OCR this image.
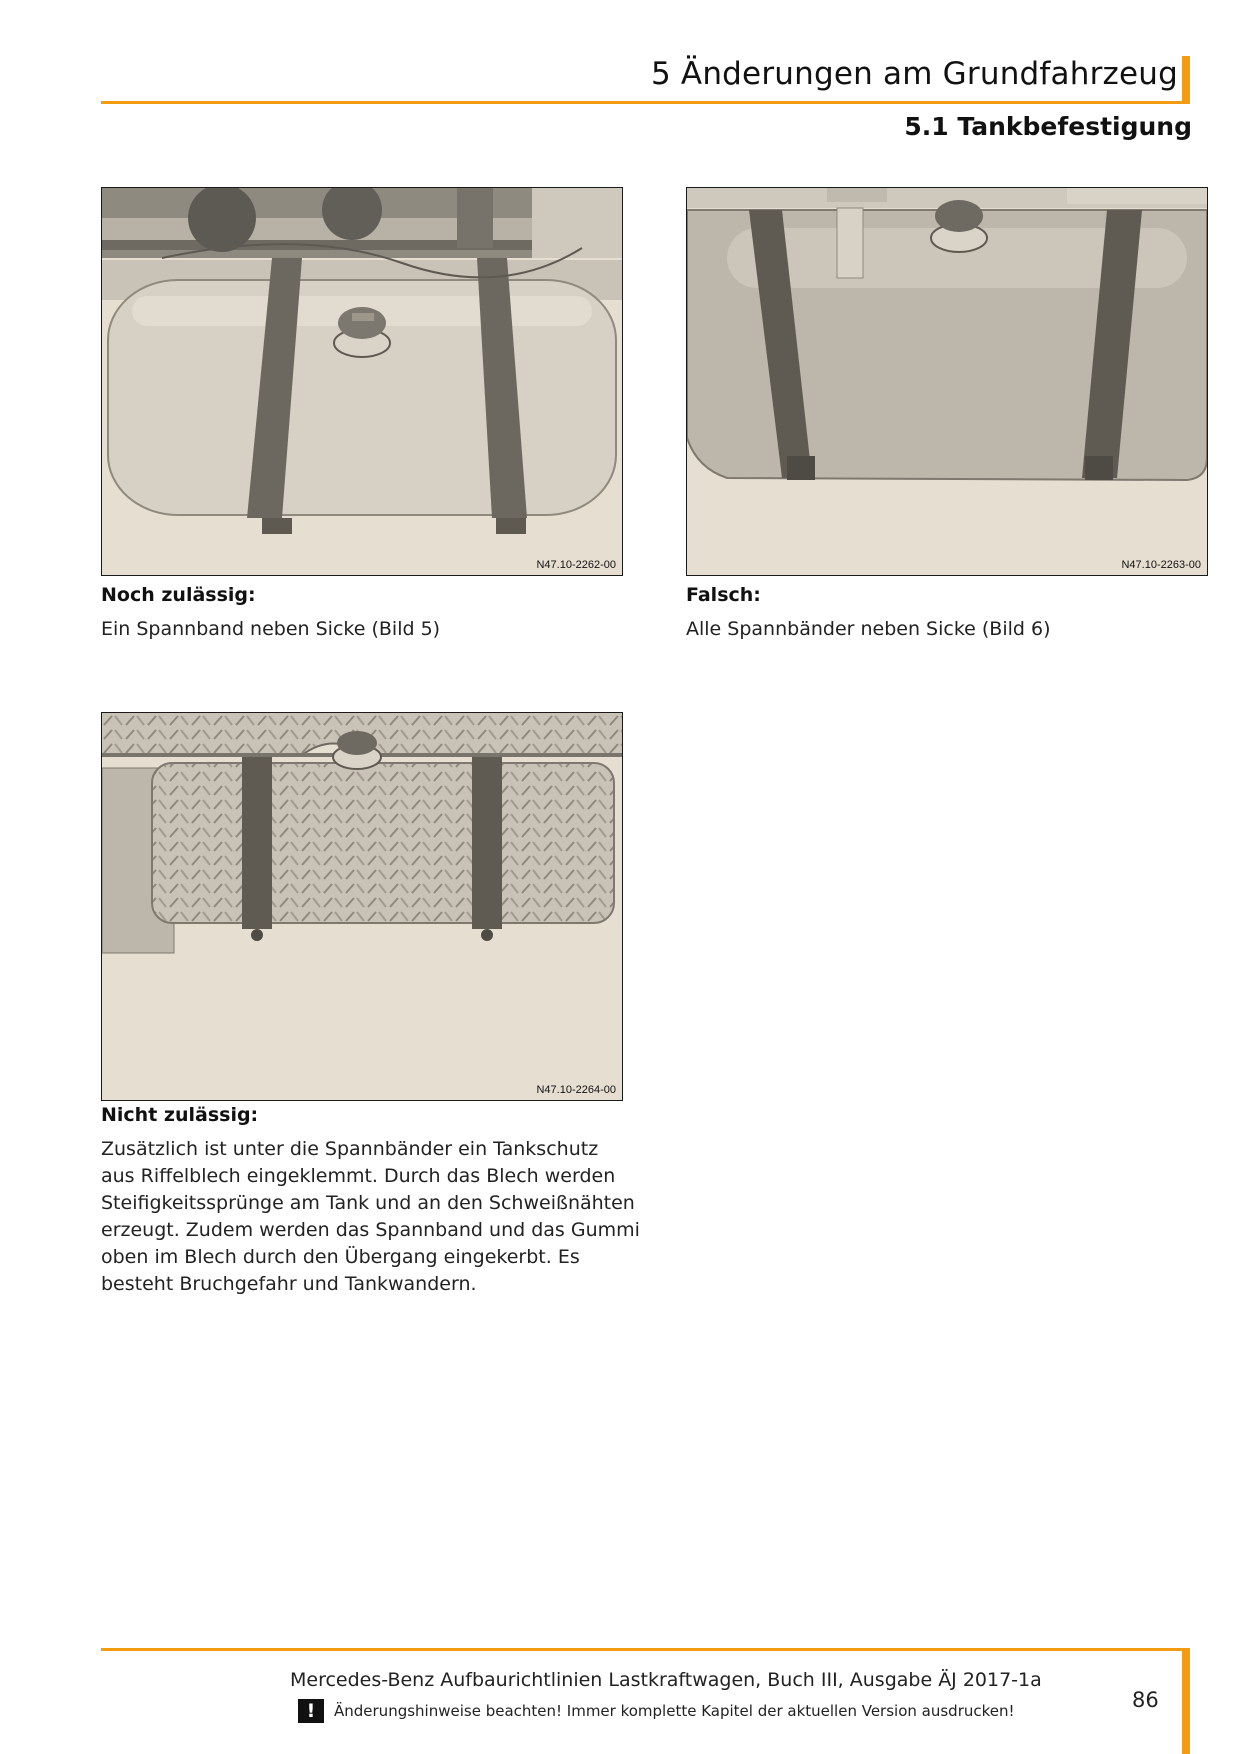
5 Änderungen am Grundfahrzeug
5.1 Tankbefestigung
N47.10-2262-00
Noch zulässig:
Ein Spannband neben Sicke (Bild 5)
N47.10-2263-00
Falsch:
Alle Spannbänder neben Sicke (Bild 6)
N47.10-2264-00
Nicht zulässig:
Zusätzlich ist unter die Spannbänder ein Tankschutz
aus Riffelblech eingeklemmt. Durch das Blech werden
Steifigkeitssprünge am Tank und an den Schweißnähten
erzeugt. Zudem werden das Spannband und das Gummi
oben im Blech durch den Übergang eingekerbt. Es
besteht Bruchgefahr und Tankwandern.
Mercedes-Benz Aufbaurichtlinien Lastkraftwagen, Buch III, Ausgabe ÄJ 2017-1a
!	Änderungshinweise beachten! Immer komplette Kapitel der aktuellen Version ausdrucken!	86
